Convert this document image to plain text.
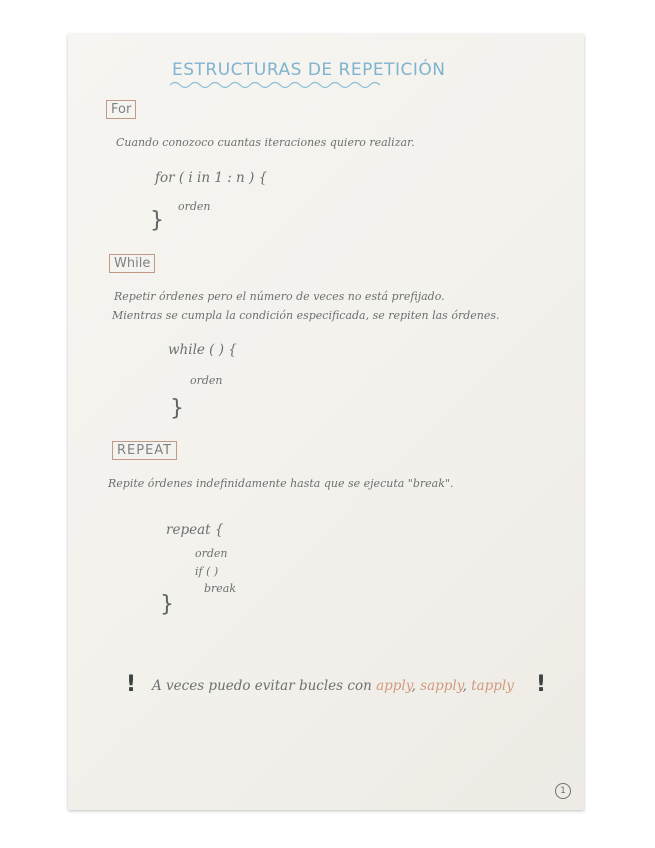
ESTRUCTURAS DE REPETICIÓN
For
Cuando conozoco cuantas iteraciones quiero realizar.
for ( i in 1 : n ) {
orden
}
While
Repetir órdenes pero el número de veces no está prefijado.
Mientras se cumpla la condición especificada, se repiten las órdenes.
while ( ) {
orden
}
REPEAT
Repite órdenes indefinidamente hasta que se ejecuta "break".
repeat {
orden
if ( )
break
}
! A veces puedo evitar bucles con apply, sapply, tapply !
1
